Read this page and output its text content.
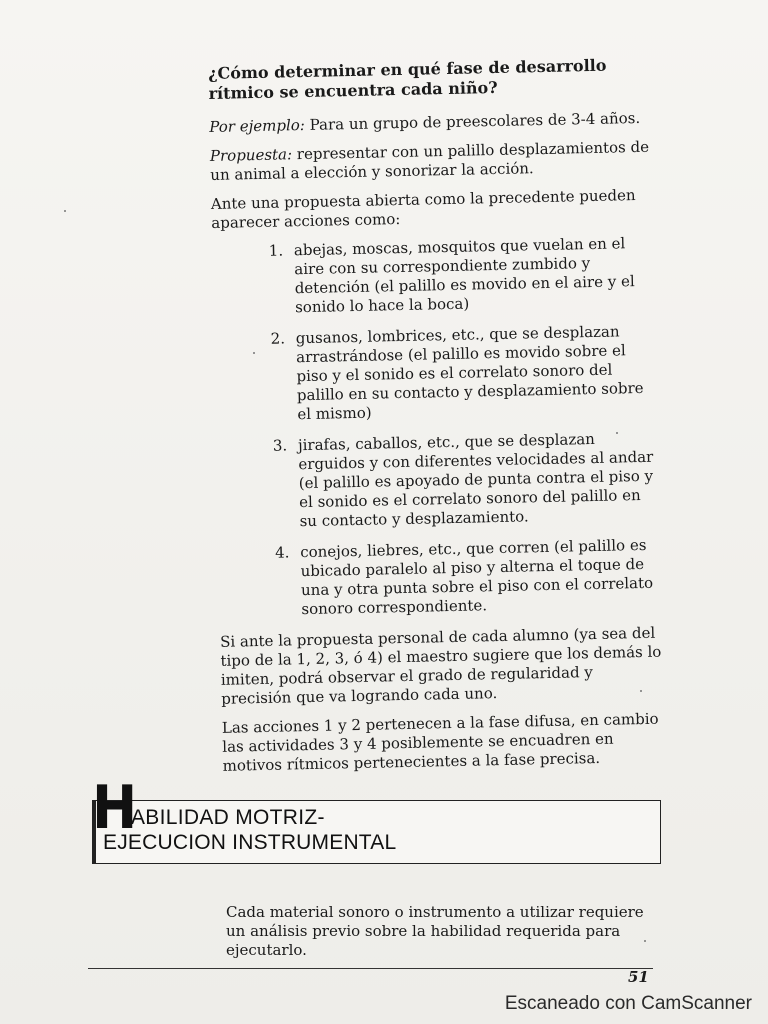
¿Cómo determinar en qué fase de desarrollo rítmico se encuentra cada niño?

Por ejemplo: Para un grupo de preescolares de 3-4 años.

Propuesta: representar con un palillo desplazamientos de un animal a elección y sonorizar la acción.

Ante una propuesta abierta como la precedente pueden aparecer acciones como:

1. abejas, moscas, mosquitos que vuelan en el aire con su correspondiente zumbido y detención (el palillo es movido en el aire y el sonido lo hace la boca)
2. gusanos, lombrices, etc., que se desplazan arrastrándose (el palillo es movido sobre el piso y el sonido es el correlato sonoro del palillo en su contacto y desplazamiento sobre el mismo)
3. jirafas, caballos, etc., que se desplazan erguidos y con diferentes velocidades al andar (el palillo es apoyado de punta contra el piso y el sonido es el correlato sonoro del palillo en su contacto y desplazamiento.
4. conejos, liebres, etc., que corren (el palillo es ubicado paralelo al piso y alterna el toque de una y otra punta sobre el piso con el correlato sonoro correspondiente.

Si ante la propuesta personal de cada alumno (ya sea del tipo de la 1, 2, 3, ó 4) el maestro sugiere que los demás lo imiten, podrá observar el grado de regularidad y precisión que va logrando cada uno.

Las acciones 1 y 2 pertenecen a la fase difusa, en cambio las actividades 3 y 4 posiblemente se encuadren en motivos rítmicos pertenecientes a la fase precisa.

H
ABILIDAD MOTRIZ-
EJECUCION INSTRUMENTAL

Cada material sonoro o instrumento a utilizar requiere un análisis previo sobre la habilidad requerida para ejecutarlo.

51
Escaneado con CamScanner
